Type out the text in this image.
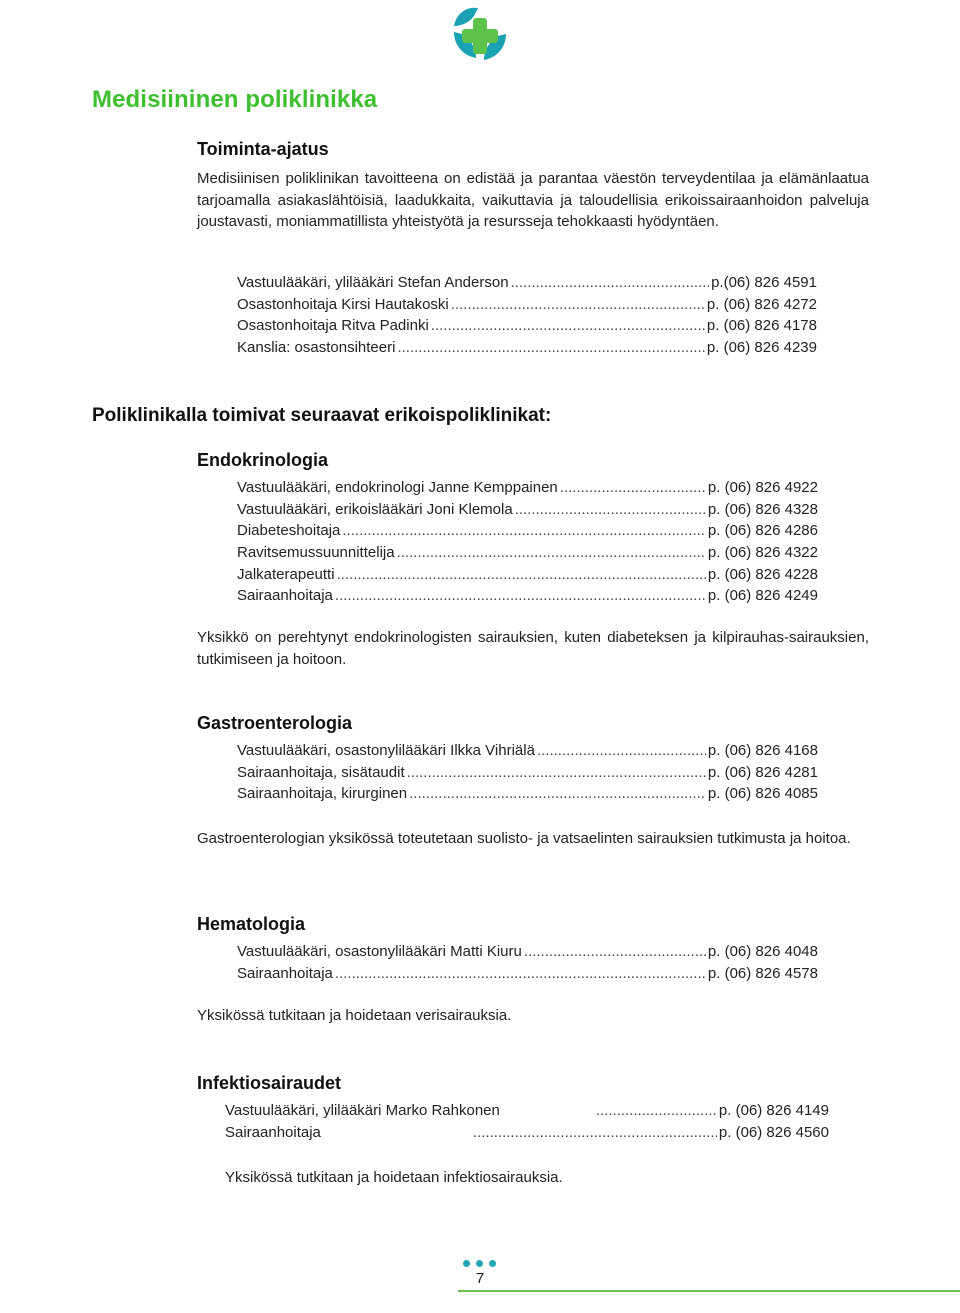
Medisiininen poliklinikka
Toiminta-ajatus

Medisiinisen poliklinikan tavoitteena on edistää ja parantaa väestön terveydentilaa ja elämänlaatua tarjoamalla asiakaslähtöisiä, laadukkaita, vaikuttavia ja taloudellisia erikoissairaanhoidon palveluja joustavasti, moniammatillista yhteistyötä ja resursseja tehokkaasti hyödyntäen.

Vastuulääkäri, ylilääkäri Stefan Anderson .....	p.(06) 826 4591
Osastonhoitaja Kirsi Hautakoski .....	p. (06) 826 4272
Osastonhoitaja Ritva Padinki .....	p. (06) 826 4178
Kanslia: osastonsihteeri .....	p. (06) 826 4239
Poliklinikalla toimivat seuraavat erikoispoliklinikat:
Endokrinologia
Vastuulääkäri, endokrinologi Janne Kemppainen .....	p. (06) 826 4922
Vastuulääkäri, erikoislääkäri Joni Klemola .....	p. (06) 826 4328
Diabeteshoitaja .....	p. (06) 826 4286
Ravitsemussuunnittelija .....	p. (06) 826 4322
Jalkaterapeutti .....	p. (06) 826 4228
Sairaanhoitaja .....	p. (06) 826 4249

Yksikkö on perehtynyt endokrinologisten sairauksien, kuten diabeteksen ja kilpirauhas-sairauksien, tutkimiseen ja hoitoon.

Gastroenterologia
Vastuulääkäri, osastonylilääkäri Ilkka Vihriälä .....	p. (06) 826 4168
Sairaanhoitaja, sisätaudit .....	p. (06) 826 4281
Sairaanhoitaja, kirurginen .....	p. (06) 826 4085

Gastroenterologian yksikössä toteutetaan suolisto- ja vatsaelinten sairauksien tutkimusta ja hoitoa.

Hematologia
Vastuulääkäri, osastonylilääkäri Matti Kiuru .....	p. (06) 826 4048
Sairaanhoitaja .....	p. (06) 826 4578

Yksikössä tutkitaan ja hoidetaan verisairauksia.

Infektiosairaudet
Vastuulääkäri, ylilääkäri Marko Rahkonen .....	p. (06) 826 4149
Sairaanhoitaja .....	p. (06) 826 4560

Yksikössä tutkitaan ja hoidetaan infektiosairauksia.

7
